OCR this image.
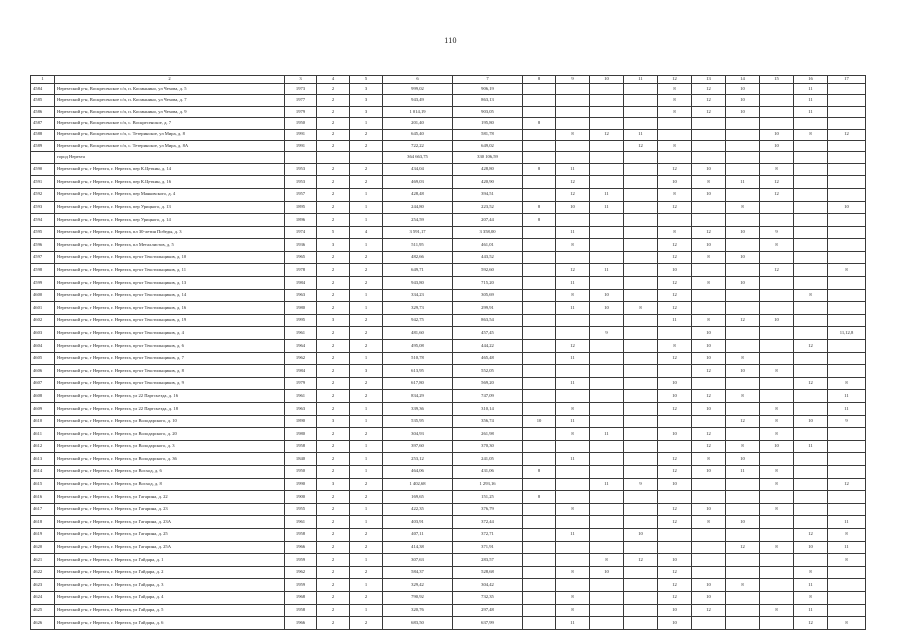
110
1	2	3	4	5	6	7	8	9	10	11	12	13	14	15	16	17
4584	Нерехтский р-н, Воскресенское с/п, п. Космынино, ул Чехова, д. 5	1973	2	3	999,02	906,19					8	12	10		11	
4585	Нерехтский р-н, Воскресенское с/п, п. Космынино, ул Чехова, д. 7	1977	2	3	943,49	863,13					8	12	10		11	
4586	Нерехтский р-н, Воскресенское с/п, п. Космынино, ул Чехова, д. 9	1979	2	3	1 014,19	903,05					8	12	10		11	
4587	Нерехтский р-н, Воскресенское с/п, с. Воскресенское, д. 7	1950	2	1	201,40	195,80	8									
4588	Нерехтский р-н, Воскресенское с/п, с. Тетеринское, ул Мира, д. 8	1991	2	2	645,40	581,78		8	12	11				10	8	12
4589	Нерехтский р-н, Воскресенское с/п, с. Тетеринское, ул Мира, д. 8А	1991	2	2	722,22	649,02				12	8			10		
	город Нерехта				364 663,75	330 106,59										
4590	Нерехтский р-н, г Нерехта, г. Нерехта, пер К.Цеткин, д. 14	1953	2	2	434,04	428,80	8	11			12	10		8		
4591	Нерехтский р-н, г Нерехта, г. Нерехта, пер К.Цеткин, д. 16	1953	2	2	469,03	420,90		12			10	8	11	12		
4592	Нерехтский р-н, г Нерехта, г. Нерехта, пер Маяковского, д. 4	1957	2	1	428,48	394,51		12	11		8	10		12		
4593	Нерехтский р-н, г Нерехта, г. Нерехта, пер Урицкого, д. 13	1895	2	1	244,80	223,52	8	10	11		12		8			10
4594	Нерехтский р-н, г Нерехта, г. Нерехта, пер Урицкого, д. 14	1896	2	1	254,59	207,44	8									
4595	Нерехтский р-н, г Нерехта, г. Нерехта, пл 30-летия Победы, д. 3	1974	5	4	3 591,17	3 358,00		11			8	12	10	9		
4596	Нерехтский р-н, г Нерехта, г. Нерехта, пл Металлистов, д. 5	1936	3	1	511,95	461,01		8			12	10		8		
4597	Нерехтский р-н, г Нерехта, г. Нерехта, пр-кт Текстильщиков, д. 10	1965	2	2	482,66	443,52					12	8	10			
4598	Нерехтский р-н, г Нерехта, г. Нерехта, пр-кт Текстильщиков, д. 11	1978	2	2	649,71	592,60		12	11		10			12		8
4599	Нерехтский р-н, г Нерехта, г. Нерехта, пр-кт Текстильщиков, д. 13	1984	2	2	943,80	715,20		11			12	8	10			
4600	Нерехтский р-н, г Нерехта, г. Нерехта, пр-кт Текстильщиков, д. 14	1963	2	1	334,23	305,69		8	10		12				8	
4601	Нерехтский р-н, г Нерехта, г. Нерехта, пр-кт Текстильщиков, д. 16	1980	2	1	329,73	299,91		11	10	8	12					
4602	Нерехтский р-н, г Нерехта, г. Нерехта, пр-кт Текстильщиков, д. 19	1995	3	2	942,75	863,54					11	8	12	10		
4603	Нерехтский р-н, г Нерехта, г. Нерехта, пр-кт Текстильщиков, д. 4	1961	2	2	481,60	457,45			9			10				11,12,8
4604	Нерехтский р-н, г Нерехта, г. Нерехта, пр-кт Текстильщиков, д. 6	1964	2	2	495,08	444,22		12			8	10			12	
4605	Нерехтский р-н, г Нерехта, г. Нерехта, пр-кт Текстильщиков, д. 7	1962	2	1	510,78	465,48		11			12	10	8			
4606	Нерехтский р-н, г Нерехта, г. Нерехта, пр-кт Текстильщиков, д. 8	1984	2	3	613,95	552,05						12	10	8		
4607	Нерехтский р-н, г Нерехта, г. Нерехта, пр-кт Текстильщиков, д. 9	1979	2	2	617,80	569,20		11			10				12	8
4608	Нерехтский р-н, г Нерехта, г. Нерехта, ул 22 Партсъезда, д. 16	1961	2	2	834,29	747,09					10	12	8			11
4609	Нерехтский р-н, г Нерехта, г. Нерехта, ул 22 Партсъезда, д. 18	1963	2	1	339,36	310,14		8			12	10		8		11
4610	Нерехтский р-н, г Нерехта, г. Нерехта, ул Володарского, д. 10	1890	3	1	535,95	356,74	10	11					12	8	10	9
4611	Нерехтский р-н, г Нерехта, г. Нерехта, ул Володарского, д. 20	1980	2	2	304,93	261,98		8	11		10	12		8		
4612	Нерехтский р-н, г Нерехта, г. Нерехта, ул Володарского, д. 3	1958	2	1	397,60	370,30						12	8	10	11	
4613	Нерехтский р-н, г Нерехта, г. Нерехта, ул Володарского, д. 36	1840	2	1	253,12	241,05		11			12	8	10			
4614	Нерехтский р-н, г Нерехта, г. Нерехта, ул Восход, д. 6	1950	2	1	464,06	431,06	8				12	10	11	8		
4615	Нерехтский р-н, г Нерехта, г. Нерехта, ул Восход, д. 8	1990	3	2	1 402,68	1 293,16			11	9	10			8		12
4616	Нерехтский р-н, г Нерехта, г. Нерехта, ул Гагарина, д. 22	1900	2	2	169,65	151,25	8									
4617	Нерехтский р-н, г Нерехта, г. Нерехта, ул Гагарина, д. 23	1955	2	1	422,35	376,79		8			12	10		8		
4618	Нерехтский р-н, г Нерехта, г. Нерехта, ул Гагарина, д. 23А	1961	2	1	403,91	372,44					12	8	10			11
4619	Нерехтский р-н, г Нерехта, г. Нерехта, ул Гагарина, д. 25	1958	2	2	407,11	372,71		11		10					12	8
4620	Нерехтский р-н, г Нерехта, г. Нерехта, ул Гагарина, д. 25А	1966	2	2	414,38	371,91							12	8	10	11
4621	Нерехтский р-н, г Нерехта, г. Нерехта, ул Гайдара, д. 1	1959	2	1	307,63	283,57			8	12	10					8
4622	Нерехтский р-н, г Нерехта, г. Нерехта, ул Гайдара, д. 2	1962	2	2	584,37	528,68		8	10		12				8	
4623	Нерехтский р-н, г Нерехта, г. Нерехта, ул Гайдара, д. 3	1959	2	1	329,42	304,42					12	10	8		11	
4624	Нерехтский р-н, г Нерехта, г. Нерехта, ул Гайдара, д. 4	1968	2	2	790,92	732,35		8			12	10			8	
4625	Нерехтский р-н, г Нерехта, г. Нерехта, ул Гайдара, д. 5	1958	2	1	320,76	297,48		8			10	12		8	11	
4626	Нерехтский р-н, г Нерехта, г. Нерехта, ул Гайдара, д. 6	1966	2	2	683,50	637,99		11			10				12	8
